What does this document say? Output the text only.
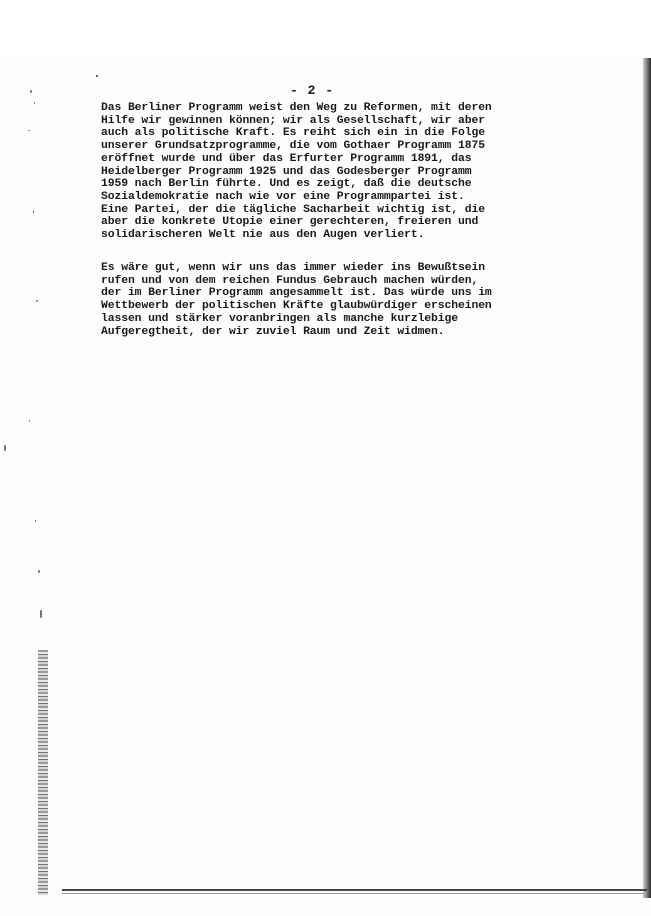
- 2 -
Das Berliner Programm weist den Weg zu Reformen, mit deren
Hilfe wir gewinnen können; wir als Gesellschaft, wir aber
auch als politische Kraft. Es reiht sich ein in die Folge
unserer Grundsatzprogramme, die vom Gothaer Programm 1875
eröffnet wurde und über das Erfurter Programm 1891, das
Heidelberger Programm 1925 und das Godesberger Programm
1959 nach Berlin führte. Und es zeigt, daß die deutsche
Sozialdemokratie nach wie vor eine Programmpartei ist.
Eine Partei, der die tägliche Sacharbeit wichtig ist, die
aber die konkrete Utopie einer gerechteren, freieren und
solidarischeren Welt nie aus den Augen verliert.
Es wäre gut, wenn wir uns das immer wieder ins Bewußtsein
rufen und von dem reichen Fundus Gebrauch machen würden,
der im Berliner Programm angesammelt ist. Das würde uns im
Wettbewerb der politischen Kräfte glaubwürdiger erscheinen
lassen und stärker voranbringen als manche kurzlebige
Aufgeregtheit, der wir zuviel Raum und Zeit widmen.
